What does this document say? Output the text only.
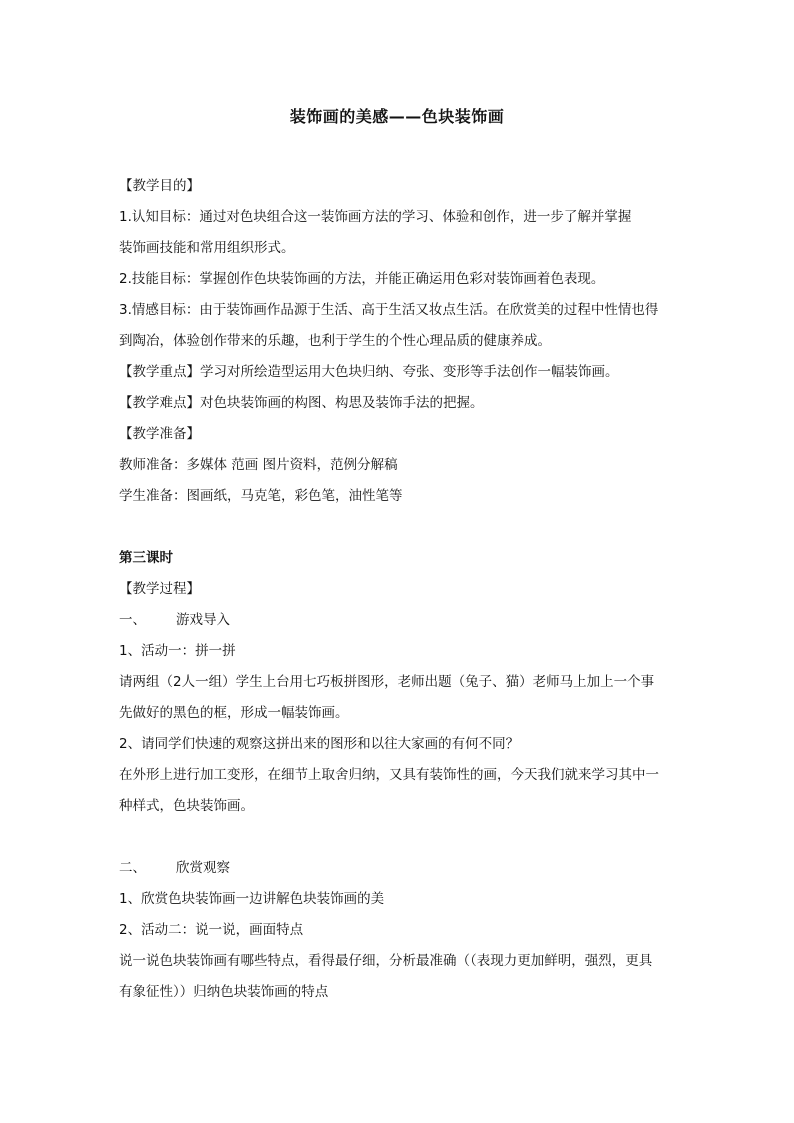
装饰画的美感——色块装饰画
【教学目的】
1.认知目标：通过对色块组合这一装饰画方法的学习、体验和创作，进一步了解并掌握
装饰画技能和常用组织形式。
2.技能目标：掌握创作色块装饰画的方法，并能正确运用色彩对装饰画着色表现。
3.情感目标：由于装饰画作品源于生活、高于生活又妆点生活。在欣赏美的过程中性情也得
到陶冶，体验创作带来的乐趣，也利于学生的个性心理品质的健康养成。
【教学重点】学习对所绘造型运用大色块归纳、夸张、变形等手法创作一幅装饰画。
【教学难点】对色块装饰画的构图、构思及装饰手法的把握。
【教学准备】
教师准备：多媒体 范画 图片资料，范例分解稿
学生准备：图画纸，马克笔，彩色笔，油性笔等
第三课时
【教学过程】
一、 游戏导入
1、活动一：拼一拼
请两组（2人一组）学生上台用七巧板拼图形，老师出题（兔子、猫）老师马上加上一个事
先做好的黑色的框，形成一幅装饰画。
2、请同学们快速的观察这拼出来的图形和以往大家画的有何不同？
在外形上进行加工变形，在细节上取舍归纳，又具有装饰性的画，今天我们就来学习其中一
种样式，色块装饰画。
二、 欣赏观察
1、欣赏色块装饰画一边讲解色块装饰画的美
2、活动二：说一说，画面特点
说一说色块装饰画有哪些特点，看得最仔细，分析最准确（（表现力更加鲜明，强烈，更具
有象征性））归纳色块装饰画的特点
